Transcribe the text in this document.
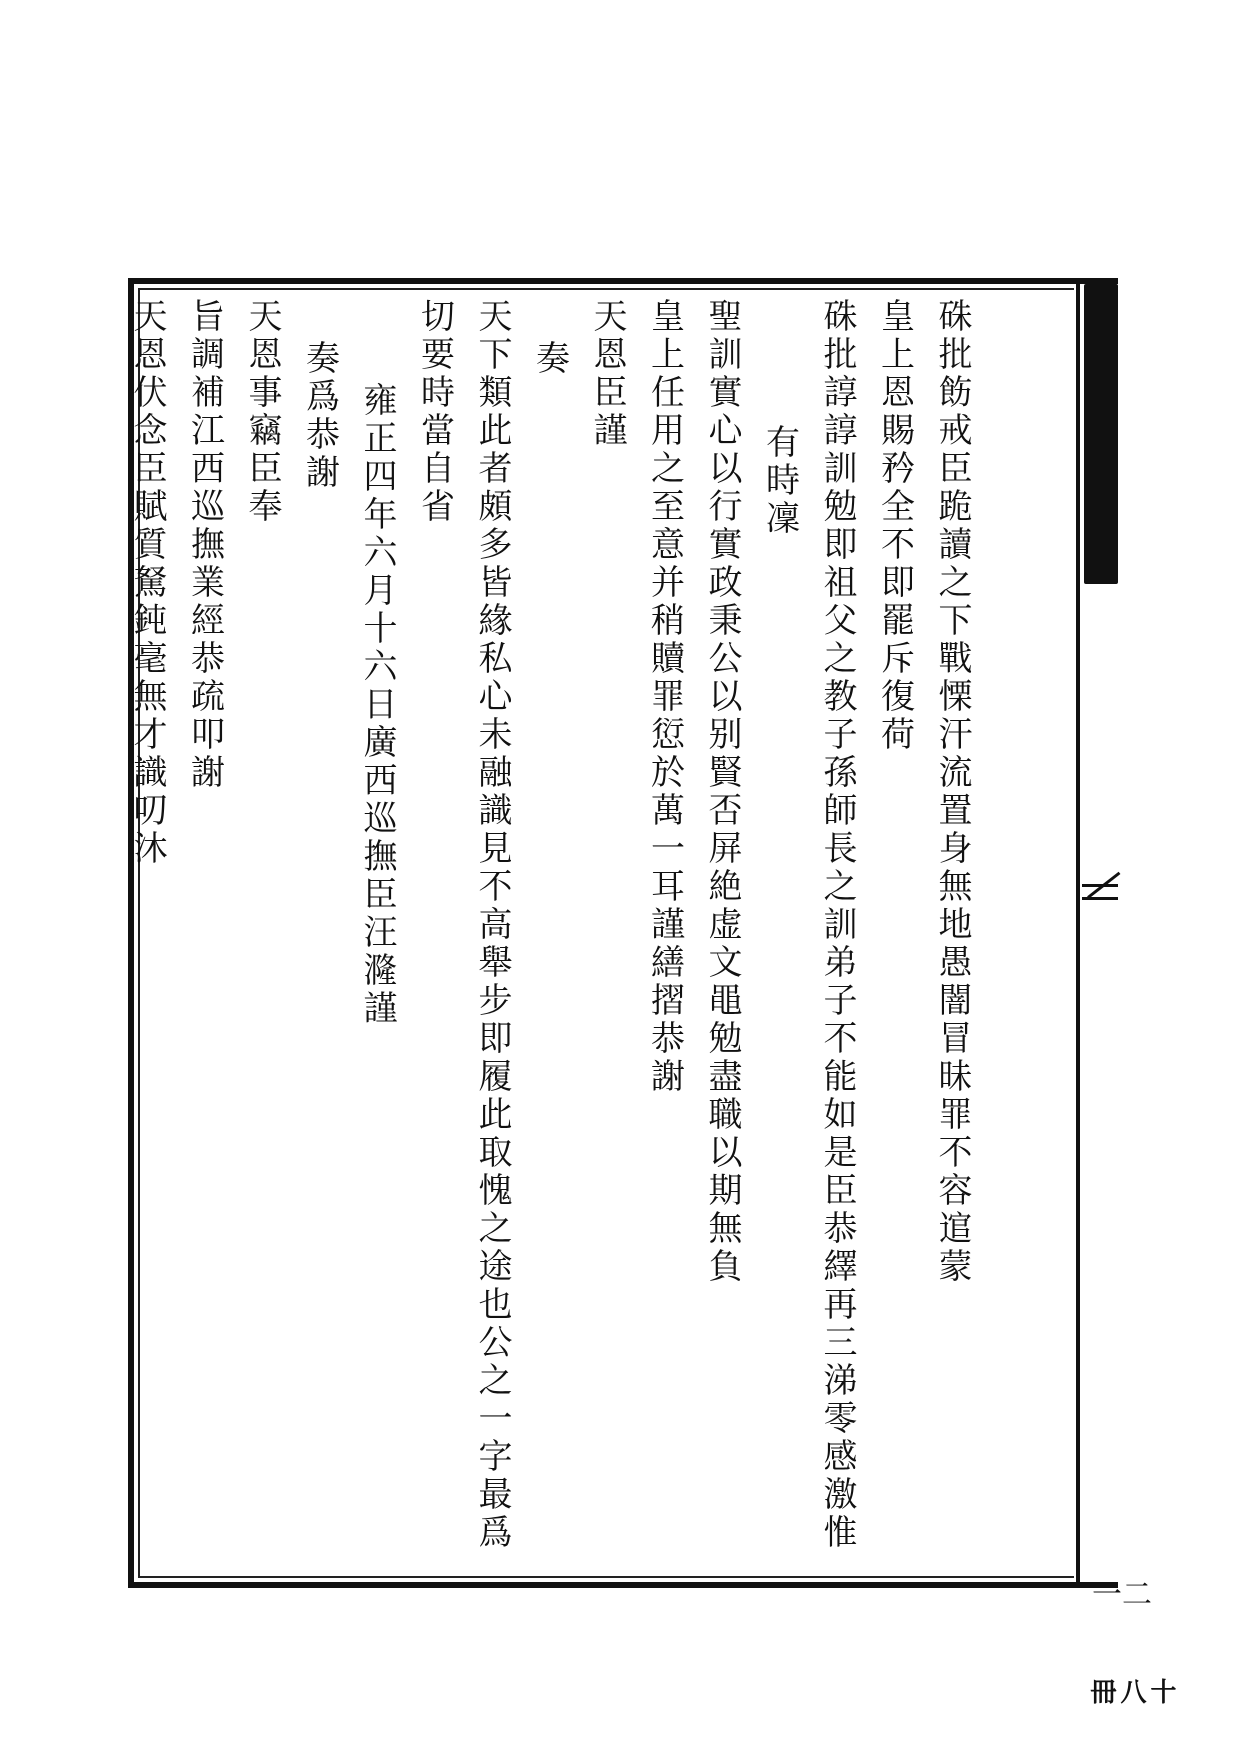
二一
十八冊
硃批飭戒臣跪讀之下戰慄汗流置身無地愚闇冒昧罪不容逭蒙
皇上恩賜矜全不即罷斥復荷
硃批諄諄訓勉即祖父之教子孫師長之訓弟子不能如是臣恭繹再三涕零感激惟
有時凜
聖訓實心以行實政秉公以别賢否屏絶虚文黽勉盡職以期無負
皇上任用之至意并稍贖罪愆於萬一耳謹繕摺恭謝
天恩臣謹
奏
天下類此者頗多皆緣私心未融識見不高舉步即履此取愧之途也公之一字最爲
切要時當自省
雍正四年六月十六日廣西巡撫臣汪漋謹
奏爲恭謝
天恩事竊臣奉
旨調補江西巡撫業經恭疏叩謝
天恩伏念臣賦質駑鈍毫無才識叨沐
